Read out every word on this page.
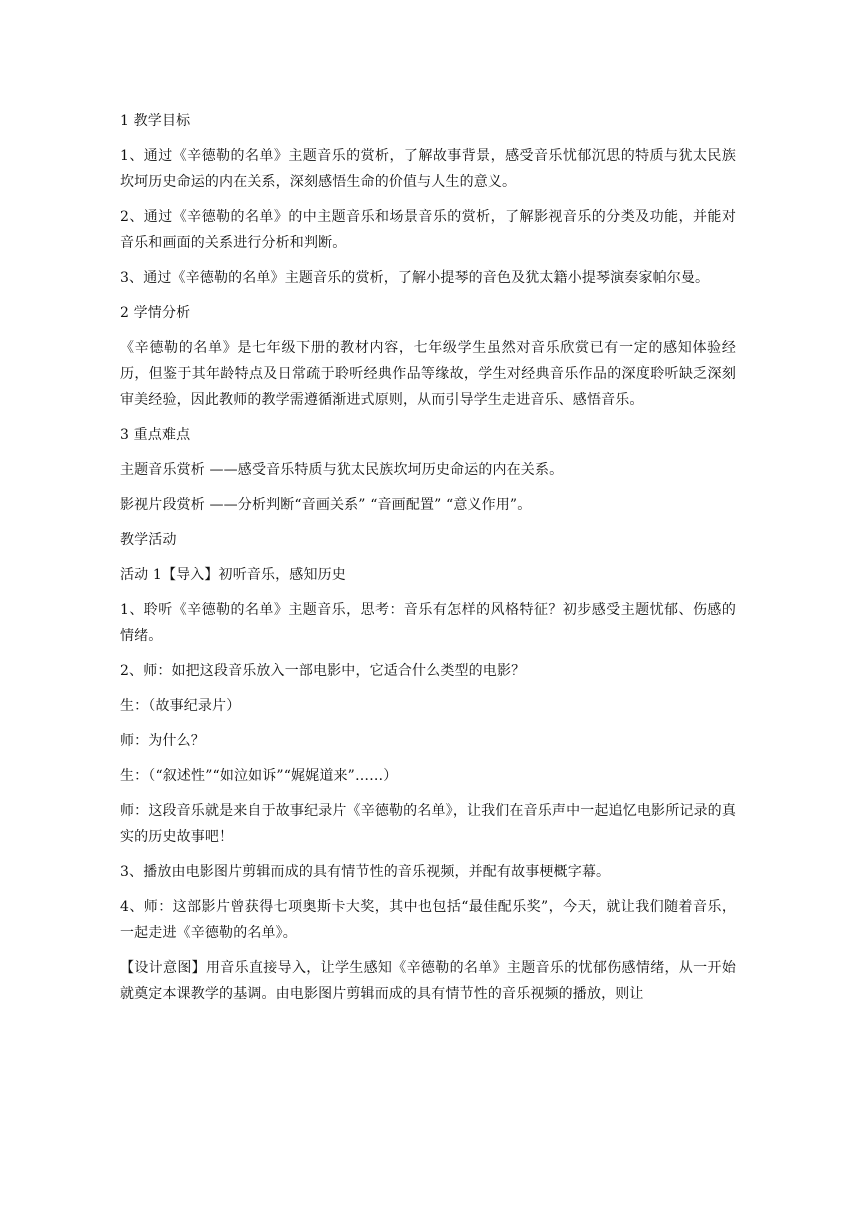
1 教学目标

1、通过《辛德勒的名单》主题音乐的赏析，了解故事背景，感受音乐忧郁沉思的特质与犹太民族坎坷历史命运的内在关系，深刻感悟生命的价值与人生的意义。

2、通过《辛德勒的名单》的中主题音乐和场景音乐的赏析，了解影视音乐的分类及功能，并能对音乐和画面的关系进行分析和判断。

3、通过《辛德勒的名单》主题音乐的赏析，了解小提琴的音色及犹太籍小提琴演奏家帕尔曼。

2 学情分析

《辛德勒的名单》是七年级下册的教材内容，七年级学生虽然对音乐欣赏已有一定的感知体验经历，但鉴于其年龄特点及日常疏于聆听经典作品等缘故，学生对经典音乐作品的深度聆听缺乏深刻审美经验，因此教师的教学需遵循渐进式原则，从而引导学生走进音乐、感悟音乐。

3 重点难点

主题音乐赏析 ——感受音乐特质与犹太民族坎坷历史命运的内在关系。

影视片段赏析 ——分析判断“音画关系” “音画配置” “意义作用”。

教学活动

活动 1【导入】初听音乐，感知历史

1、聆听《辛德勒的名单》主题音乐，思考：音乐有怎样的风格特征？初步感受主题忧郁、伤感的情绪。

2、师：如把这段音乐放入一部电影中，它适合什么类型的电影？

生：（故事纪录片）

师：为什么？

生：（“叙述性”“如泣如诉”“娓娓道来”……）

师：这段音乐就是来自于故事纪录片《辛德勒的名单》，让我们在音乐声中一起追忆电影所记录的真实的历史故事吧！

3、播放由电影图片剪辑而成的具有情节性的音乐视频，并配有故事梗概字幕。

4、师：这部影片曾获得七项奥斯卡大奖，其中也包括“最佳配乐奖”，今天，就让我们随着音乐，一起走进《辛德勒的名单》。

【设计意图】用音乐直接导入，让学生感知《辛德勒的名单》主题音乐的忧郁伤感情绪，从一开始就奠定本课教学的基调。由电影图片剪辑而成的具有情节性的音乐视频的播放，则让
